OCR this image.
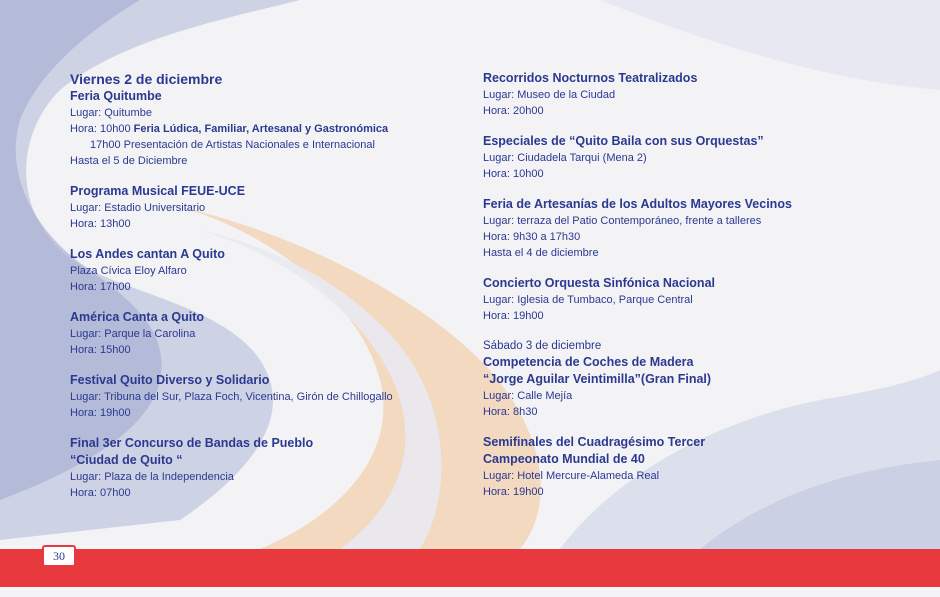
Viernes 2 de diciembre
Feria Quitumbe
Lugar: Quitumbe
Hora: 10h00 Feria Lúdica, Familiar, Artesanal y Gastronómica
17h00 Presentación de Artistas Nacionales e Internacional
Hasta el 5 de Diciembre
Programa Musical FEUE-UCE
Lugar: Estadio Universitario
Hora: 13h00
Los Andes cantan A Quito
Plaza Cívica Eloy Alfaro
Hora: 17h00
América Canta a Quito
Lugar: Parque la Carolina
Hora: 15h00
Festival Quito Diverso y Solidario
Lugar: Tribuna del Sur, Plaza Foch, Vicentina, Girón de Chillogallo
Hora: 19h00
Final 3er Concurso de Bandas de Pueblo
“Ciudad de Quito “
Lugar: Plaza de la Independencia
Hora: 07h00
Recorridos Nocturnos Teatralizados
Lugar: Museo de la Ciudad
Hora: 20h00
Especiales de “Quito Baila con sus Orquestas”
Lugar: Ciudadela Tarqui (Mena 2)
Hora: 10h00
Feria de Artesanías de los Adultos Mayores Vecinos
Lugar: terraza del Patio Contemporáneo, frente a talleres
Hora: 9h30 a 17h30
Hasta el 4 de diciembre
Concierto Orquesta Sinfónica Nacional
Lugar: Iglesia de Tumbaco, Parque Central
Hora: 19h00
Sábado 3 de diciembre
Competencia de Coches de Madera
“Jorge Aguilar Veintimilla”(Gran Final)
Lugar: Calle Mejía
Hora: 8h30
Semifinales del Cuadragésimo Tercer
Campeonato Mundial de 40
Lugar: Hotel Mercure-Alameda Real
Hora: 19h00
30
